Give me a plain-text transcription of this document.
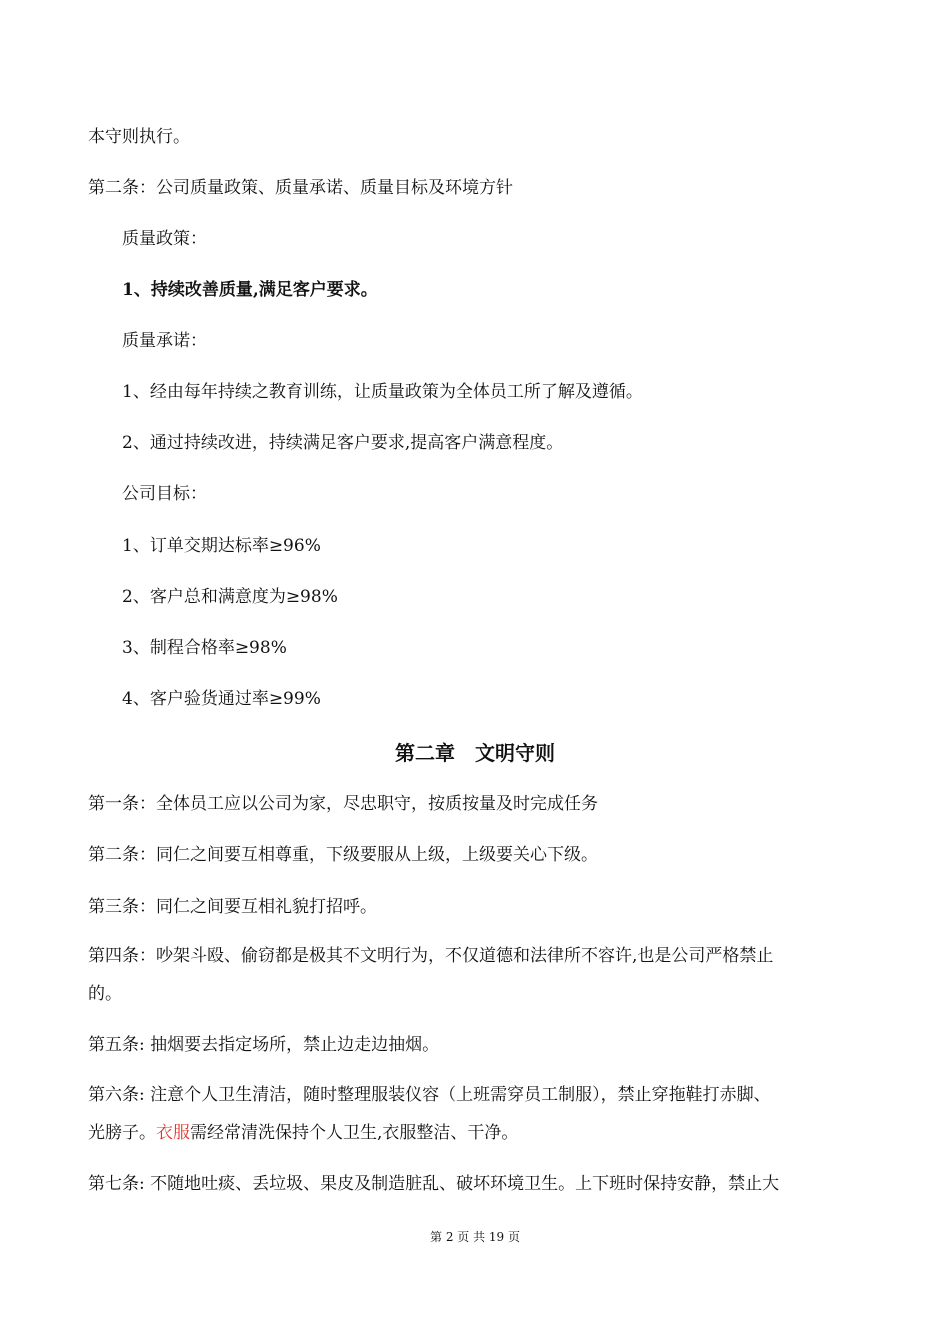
本守则执行。
第二条：公司质量政策、质量承诺、质量目标及环境方针
质量政策：
1、持续改善质量,满足客户要求。
质量承诺：
1、经由每年持续之教育训练，让质量政策为全体员工所了解及遵循。
2、通过持续改进，持续满足客户要求,提高客户满意程度。
公司目标：
1、订单交期达标率≥96%
2、客户总和满意度为≥98%
3、制程合格率≥98%
4、客户验货通过率≥99%
第二章　文明守则
第一条：全体员工应以公司为家，尽忠职守，按质按量及时完成任务
第二条：同仁之间要互相尊重，下级要服从上级，上级要关心下级。
第三条：同仁之间要互相礼貌打招呼。
第四条：吵架斗殴、偷窃都是极其不文明行为，不仅道德和法律所不容许,也是公司严格禁止
的。
第五条: 抽烟要去指定场所，禁止边走边抽烟。
第六条: 注意个人卫生清洁，随时整理服装仪容（上班需穿员工制服），禁止穿拖鞋打赤脚、
光膀子。衣服需经常清洗保持个人卫生,衣服整洁、干净。
第七条: 不随地吐痰、丢垃圾、果皮及制造脏乱、破坏环境卫生。上下班时保持安静，禁止大
第 2 页 共 19 页
